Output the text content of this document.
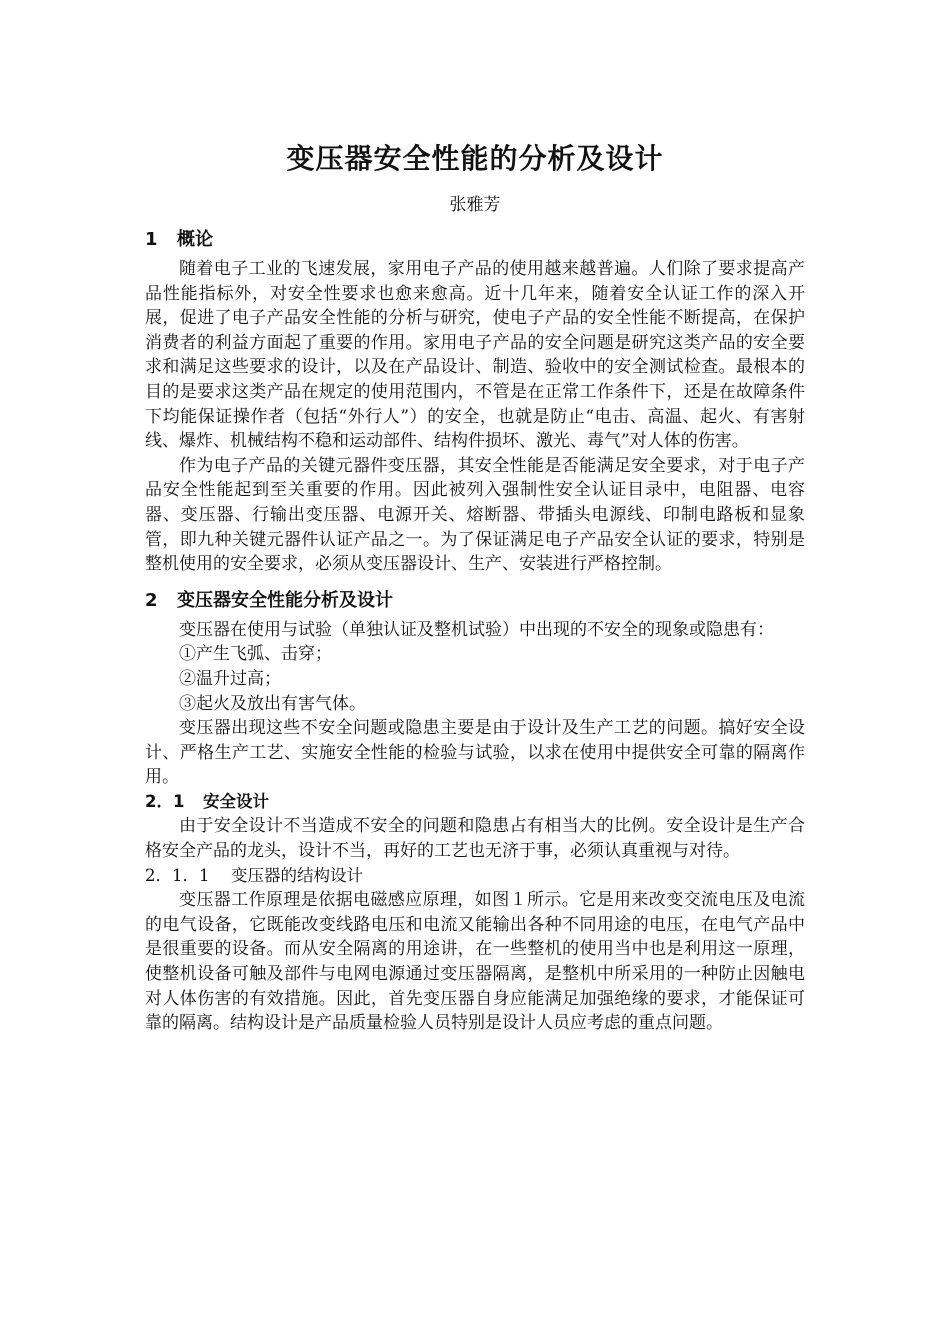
变压器安全性能的分析及设计
张雅芳
1 概论

随着电子工业的飞速发展，家用电子产品的使用越来越普遍。人们除了要求提高产品性能指标外，对安全性要求也愈来愈高。近十几年来，随着安全认证工作的深入开展，促进了电子产品安全性能的分析与研究，使电子产品的安全性能不断提高，在保护消费者的利益方面起了重要的作用。家用电子产品的安全问题是研究这类产品的安全要求和满足这些要求的设计，以及在产品设计、制造、验收中的安全测试检查。最根本的目的是要求这类产品在规定的使用范围内，不管是在正常工作条件下，还是在故障条件下均能保证操作者（包括“外行人”）的安全，也就是防止“电击、高温、起火、有害射线、爆炸、机械结构不稳和运动部件、结构件损坏、激光、毒气”对人体的伤害。

作为电子产品的关键元器件变压器，其安全性能是否能满足安全要求，对于电子产品安全性能起到至关重要的作用。因此被列入强制性安全认证目录中，电阻器、电容器、变压器、行输出变压器、电源开关、熔断器、带插头电源线、印制电路板和显象管，即九种关键元器件认证产品之一。为了保证满足电子产品安全认证的要求，特别是整机使用的安全要求，必须从变压器设计、生产、安装进行严格控制。

2 变压器安全性能分析及设计

变压器在使用与试验（单独认证及整机试验）中出现的不安全的现象或隐患有：

①产生飞弧、击穿；

②温升过高；

③起火及放出有害气体。

变压器出现这些不安全问题或隐患主要是由于设计及生产工艺的问题。搞好安全设计、严格生产工艺、实施安全性能的检验与试验，以求在使用中提供安全可靠的隔离作用。

2．1 安全设计

由于安全设计不当造成不安全的问题和隐患占有相当大的比例。安全设计是生产合格安全产品的龙头，设计不当，再好的工艺也无济于事，必须认真重视与对待。

2．1．1 变压器的结构设计

变压器工作原理是依据电磁感应原理，如图１所示。它是用来改变交流电压及电流的电气设备，它既能改变线路电压和电流又能输出各种不同用途的电压，在电气产品中是很重要的设备。而从安全隔离的用途讲，在一些整机的使用当中也是利用这一原理，使整机设备可触及部件与电网电源通过变压器隔离，是整机中所采用的一种防止因触电对人体伤害的有效措施。因此，首先变压器自身应能满足加强绝缘的要求，才能保证可靠的隔离。结构设计是产品质量检验人员特别是设计人员应考虑的重点问题。
